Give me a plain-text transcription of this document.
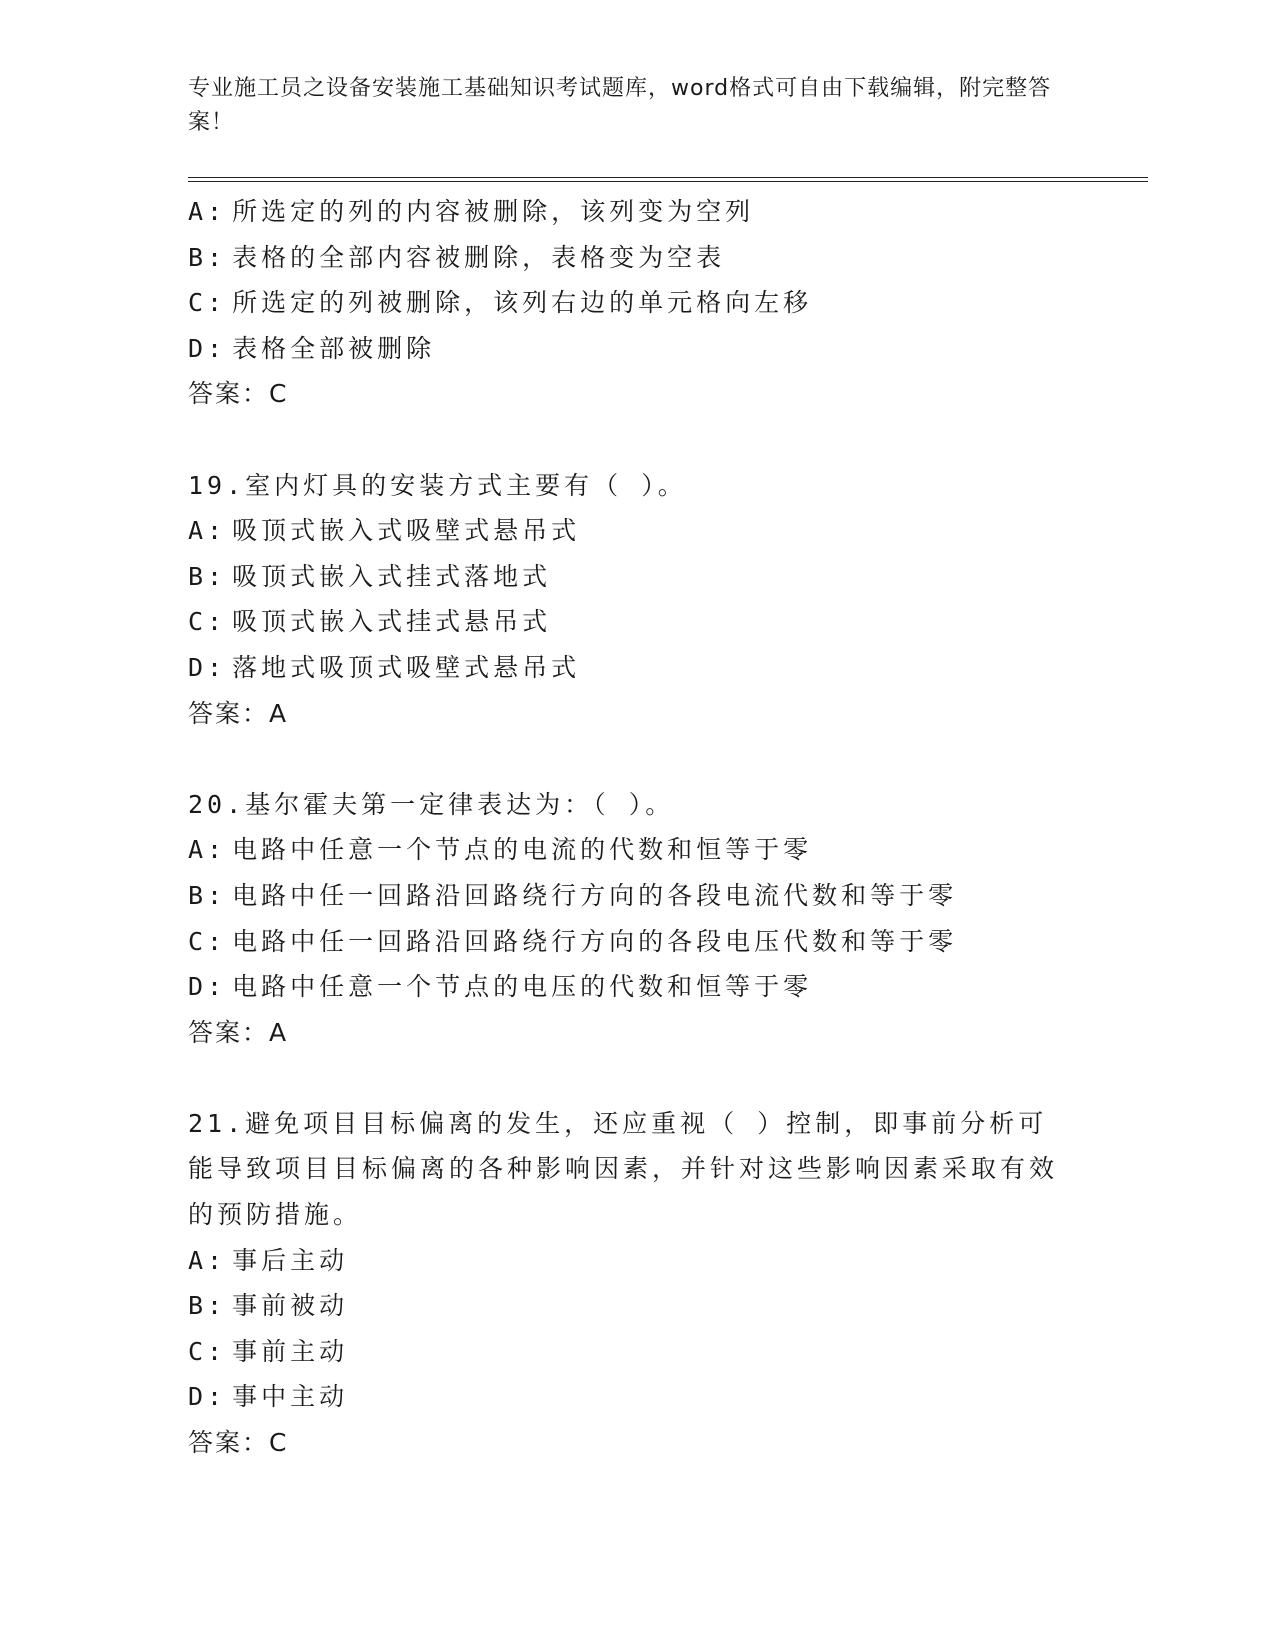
专业施工员之设备安装施工基础知识考试题库，word格式可自由下载编辑，附完整答案！
A: 所选定的列的内容被删除，该列变为空列
B: 表格的全部内容被删除，表格变为空表
C: 所选定的列被删除，该列右边的单元格向左移
D: 表格全部被删除
答案：C
19.室内灯具的安装方式主要有（ ）。
A: 吸顶式嵌入式吸壁式悬吊式
B: 吸顶式嵌入式挂式落地式
C: 吸顶式嵌入式挂式悬吊式
D: 落地式吸顶式吸壁式悬吊式
答案：A
20.基尔霍夫第一定律表达为：（ ）。
A: 电路中任意一个节点的电流的代数和恒等于零
B: 电路中任一回路沿回路绕行方向的各段电流代数和等于零
C: 电路中任一回路沿回路绕行方向的各段电压代数和等于零
D: 电路中任意一个节点的电压的代数和恒等于零
答案：A
21.避免项目目标偏离的发生，还应重视（ ）控制，即事前分析可能导致项目目标偏离的各种影响因素，并针对这些影响因素采取有效的预防措施。
A: 事后主动
B: 事前被动
C: 事前主动
D: 事中主动
答案：C
